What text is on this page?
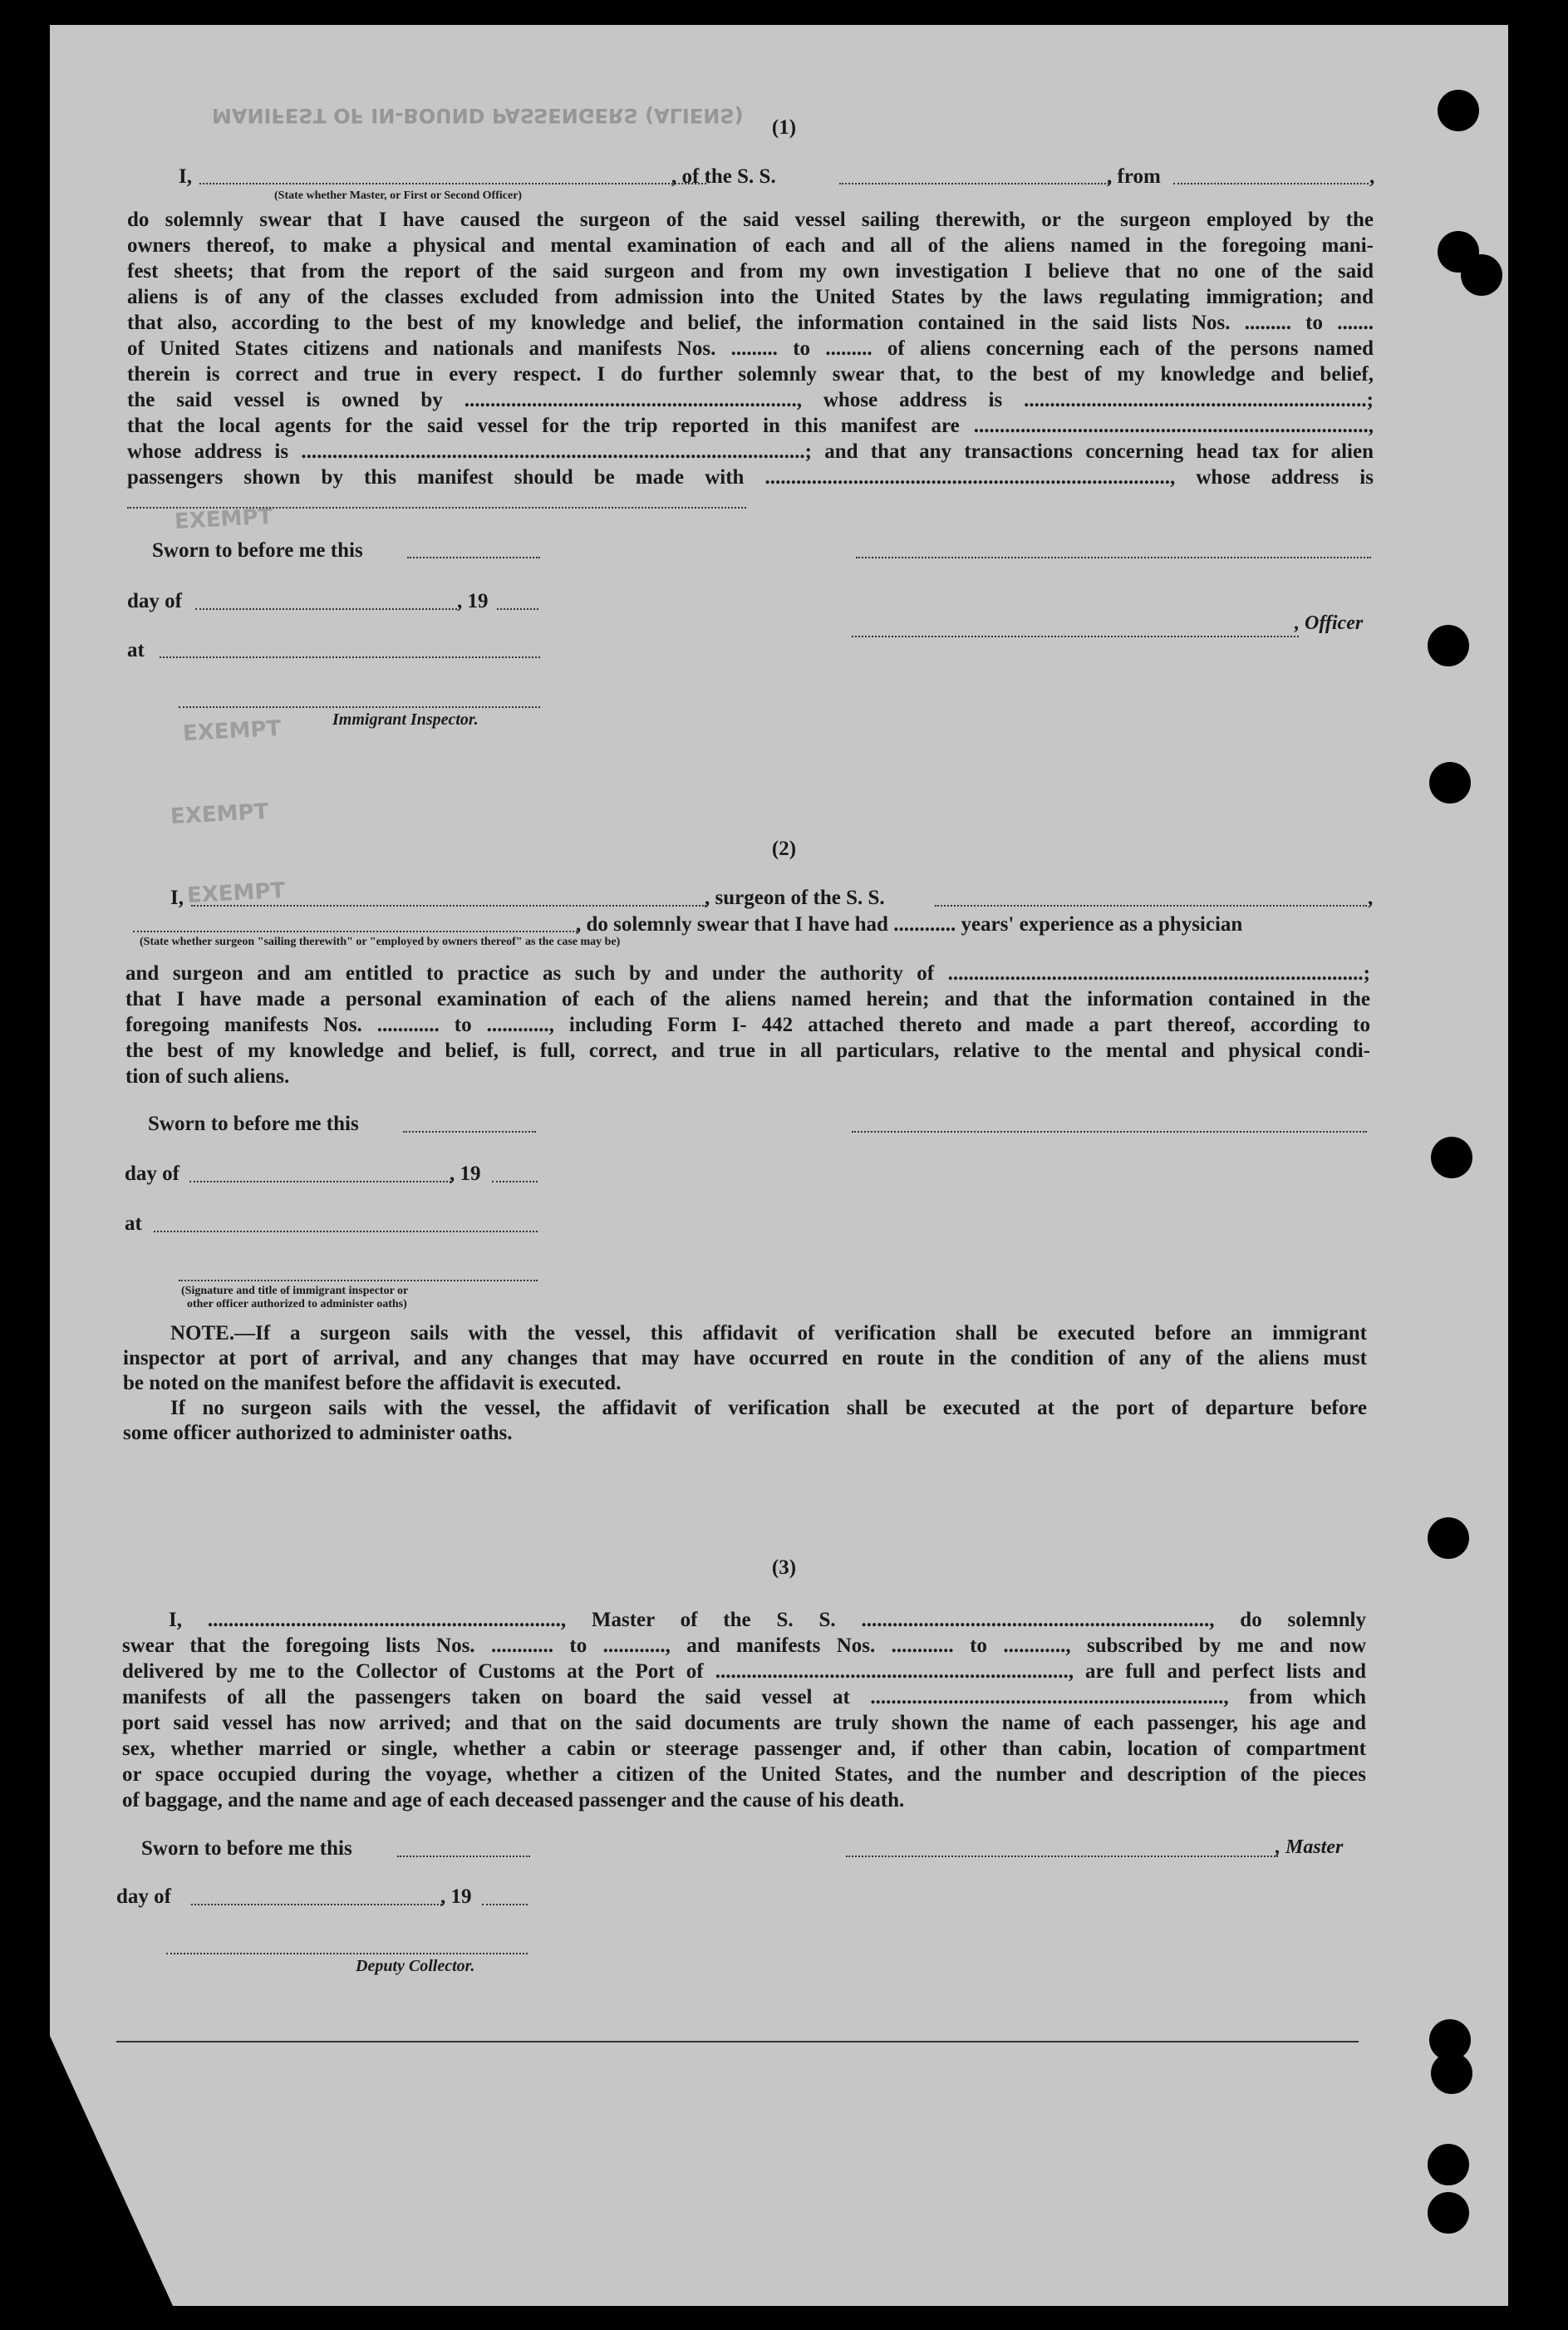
MANIFEST OF IN-BOUND PASSENGERS (ALIENS)
EXEMPT
EXEMPT
EXEMPT
EXEMPT
(1)
I,	, of the S. S.	, from	,
(State whether Master, or First or Second Officer)
do solemnly swear that I have caused the surgeon of the said vessel sailing therewith, or the surgeon employed by the
owners thereof, to make a physical and mental examination of each and all of the aliens named in the foregoing mani-
fest sheets; that from the report of the said surgeon and from my own investigation I believe that no one of the said
aliens is of any of the classes excluded from admission into the United States by the laws regulating immigration; and
that also, according to the best of my knowledge and belief, the information contained in the said lists Nos. ......... to .......
of United States citizens and nationals and manifests Nos. ......... to ......... of aliens concerning each of the persons named
therein is correct and true in every respect. I do further solemnly swear that, to the best of my knowledge and belief,
the said vessel is owned by ................................................................, whose address is ..................................................................;
that the local agents for the said vessel for the trip reported in this manifest are ............................................................................,
whose address is .................................................................................................; and that any transactions concerning head tax for alien
passengers shown by this manifest should be made with .............................................................................., whose address is
Sworn to before me this
day of	, 19
, Officer
at
Immigrant Inspector.
(2)
I,	, surgeon of the S. S.	,
, do solemnly swear that I have had ............ years' experience as a physician
(State whether surgeon "sailing therewith" or "employed by owners thereof" as the case may be)
and surgeon and am entitled to practice as such by and under the authority of ................................................................................;
that I have made a personal examination of each of the aliens named herein; and that the information contained in the
foregoing manifests Nos. ............ to ............, including Form I- 442 attached thereto and made a part thereof, according to
the best of my knowledge and belief, is full, correct, and true in all particulars, relative to the mental and physical condi-
tion of such aliens.
Sworn to before me this
day of	, 19
at
(Signature and title of immigrant inspector or
other officer authorized to administer oaths)
NOTE.—If a surgeon sails with the vessel, this affidavit of verification shall be executed before an immigrant
inspector at port of arrival, and any changes that may have occurred en route in the condition of any of the aliens must
be noted on the manifest before the affidavit is executed.
If no surgeon sails with the vessel, the affidavit of verification shall be executed at the port of departure before
some officer authorized to administer oaths.
(3)
I, ...................................................................., Master of the S. S. ..................................................................., do solemnly
swear that the foregoing lists Nos. ............ to ............, and manifests Nos. ............ to ............, subscribed by me and now
delivered by me to the Collector of Customs at the Port of ...................................................................., are full and perfect lists and
manifests of all the passengers taken on board the said vessel at ...................................................................., from which
port said vessel has now arrived; and that on the said documents are truly shown the name of each passenger, his age and
sex, whether married or single, whether a cabin or steerage passenger and, if other than cabin, location of compartment
or space occupied during the voyage, whether a citizen of the United States, and the number and description of the pieces
of baggage, and the name and age of each deceased passenger and the cause of his death.
Sworn to before me this	, Master
day of	, 19
Deputy Collector.
